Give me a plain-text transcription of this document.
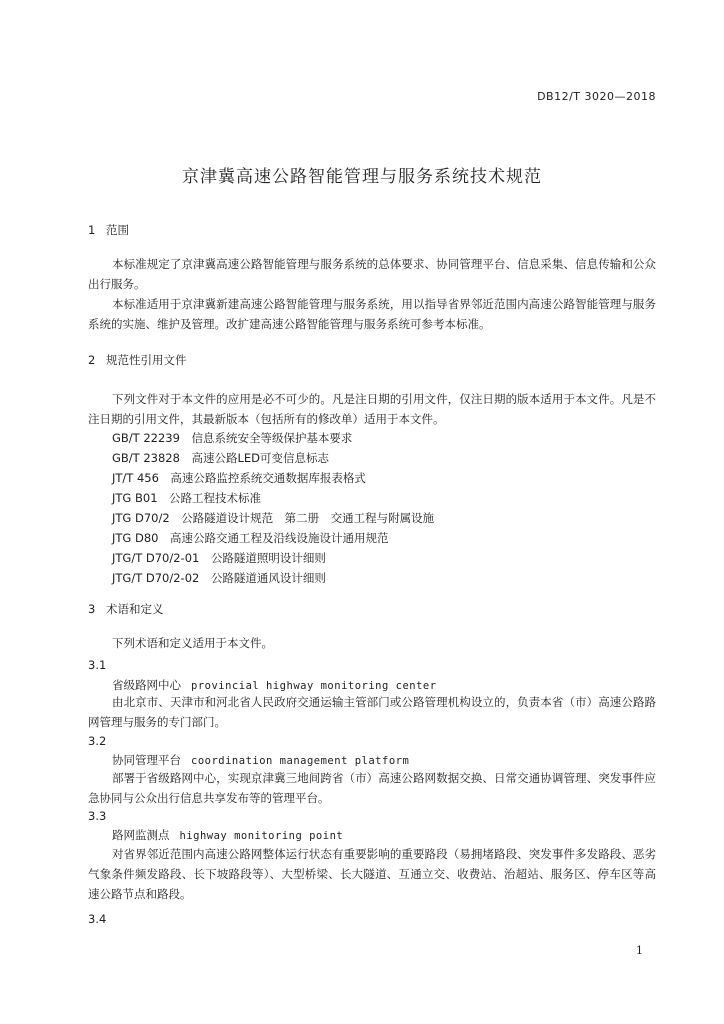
DB12/T 3020—2018
京津冀高速公路智能管理与服务系统技术规范
1 范围
本标准规定了京津冀高速公路智能管理与服务系统的总体要求、协同管理平台、信息采集、信息传输和公众出行服务。
本标准适用于京津冀新建高速公路智能管理与服务系统，用以指导省界邻近范围内高速公路智能管理与服务系统的实施、维护及管理。改扩建高速公路智能管理与服务系统可参考本标准。
2 规范性引用文件
下列文件对于本文件的应用是必不可少的。凡是注日期的引用文件，仅注日期的版本适用于本文件。凡是不注日期的引用文件，其最新版本（包括所有的修改单）适用于本文件。
GB/T 22239　信息系统安全等级保护基本要求
GB/T 23828　高速公路LED可变信息标志
JT/T 456　高速公路监控系统交通数据库报表格式
JTG B01　公路工程技术标准
JTG D70/2　公路隧道设计规范　第二册　交通工程与附属设施
JTG D80　高速公路交通工程及沿线设施设计通用规范
JTG/T D70/2-01　公路隧道照明设计细则
JTG/T D70/2-02　公路隧道通风设计细则
3 术语和定义
下列术语和定义适用于本文件。
3.1
省级路网中心 provincial highway monitoring center
由北京市、天津市和河北省人民政府交通运输主管部门或公路管理机构设立的，负责本省（市）高速公路路网管理与服务的专门部门。
3.2
协同管理平台 coordination management platform
部署于省级路网中心，实现京津冀三地间跨省（市）高速公路网数据交换、日常交通协调管理、突发事件应急协同与公众出行信息共享发布等的管理平台。
3.3
路网监测点 highway monitoring point
对省界邻近范围内高速公路网整体运行状态有重要影响的重要路段（易拥堵路段、突发事件多发路段、恶劣气象条件频发路段、长下坡路段等）、大型桥梁、长大隧道、互通立交、收费站、治超站、服务区、停车区等高速公路节点和路段。
3.4
1
